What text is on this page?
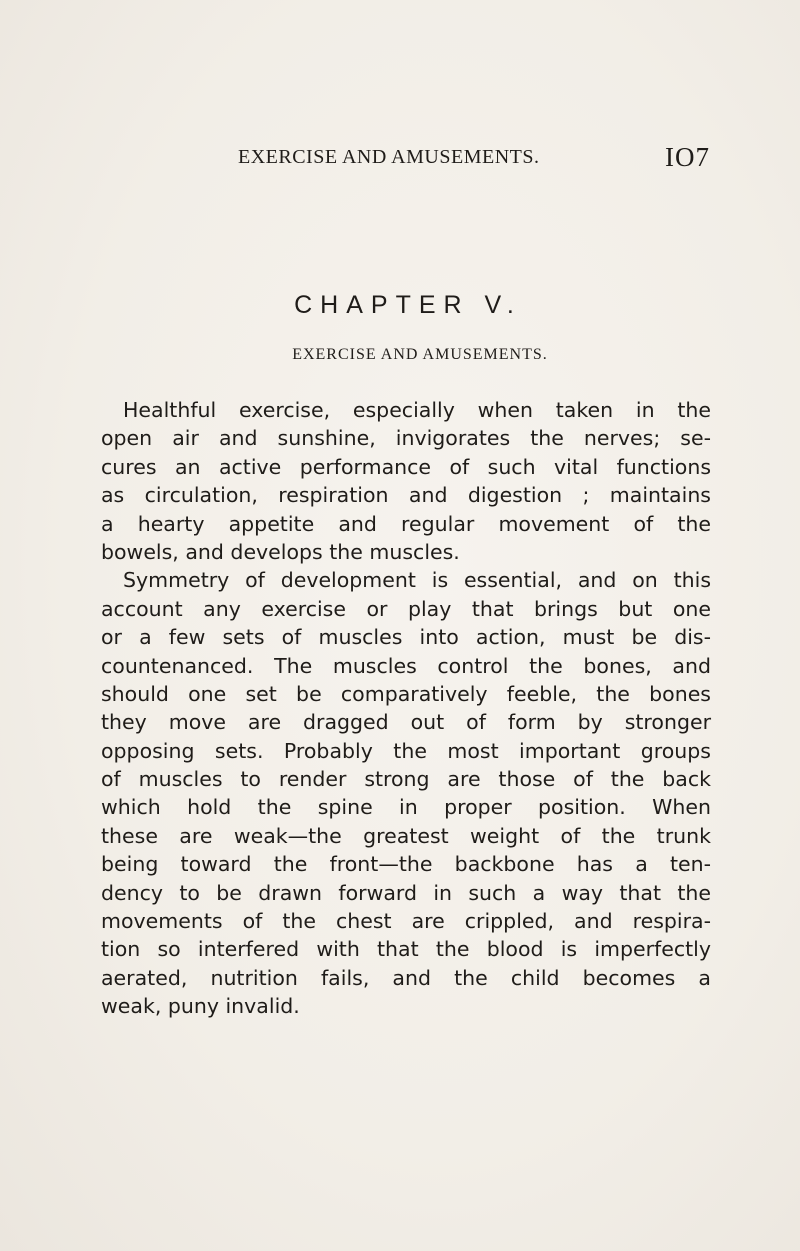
EXERCISE AND AMUSEMENTS.	IO7
CHAPTER V.
EXERCISE AND AMUSEMENTS.
Healthful exercise, especially when taken in the
open air and sunshine, invigorates the nerves; se-
cures an active performance of such vital functions
as circulation, respiration and digestion ; maintains
a hearty appetite and regular movement of the
bowels, and develops the muscles.
Symmetry of development is essential, and on this
account any exercise or play that brings but one
or a few sets of muscles into action, must be dis-
countenanced. The muscles control the bones, and
should one set be comparatively feeble, the bones
they move are dragged out of form by stronger
opposing sets. Probably the most important groups
of muscles to render strong are those of the back
which hold the spine in proper position. When
these are weak—the greatest weight of the trunk
being toward the front—the backbone has a ten-
dency to be drawn forward in such a way that the
movements of the chest are crippled, and respira-
tion so interfered with that the blood is imperfectly
aerated, nutrition fails, and the child becomes a
weak, puny invalid.
